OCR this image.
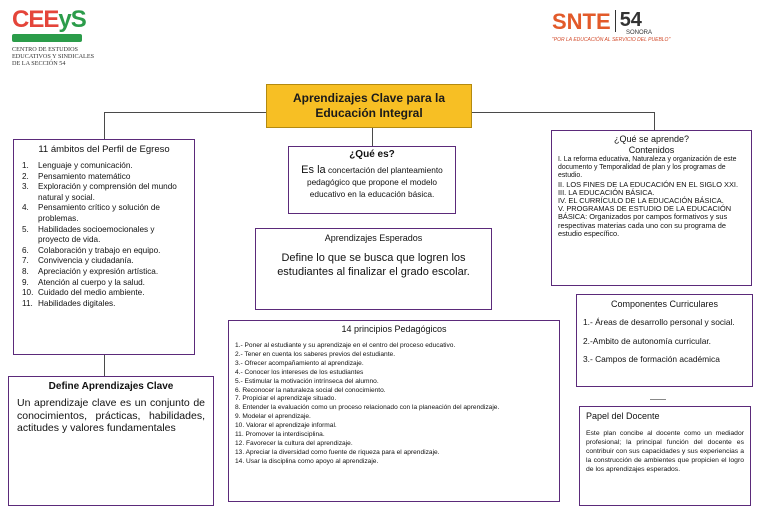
CEEyS
CENTRO DE ESTUDIOS
EDUCATIVOS Y SINDICALES
DE LA SECCIÓN 54
SNTE 54
SONORA
"POR LA EDUCACIÓN AL SERVICIO DEL PUEBLO"
Aprendizajes Clave para la Educación Integral
11 ámbitos del Perfil de Egreso
1.	Lenguaje y comunicación.
2.	Pensamiento matemático
3.	Exploración y comprensión del mundo natural y social.
4.	Pensamiento crítico y solución de problemas.
5.	Habilidades socioemocionales y proyecto de vida.
6.	Colaboración y trabajo en equipo.
7.	Convivencia y ciudadanía.
8.	Apreciación y expresión artística.
9.	Atención al cuerpo y la salud.
10. Cuidado del medio ambiente.
11. Habilidades digitales.
Define Aprendizajes Clave
Un aprendizaje clave es un conjunto de conocimientos, prácticas, habilidades, actitudes y valores fundamentales
¿Qué es?
Es la concertación del planteamiento pedagógico que propone el modelo educativo en la educación básica.
Aprendizajes Esperados
Define lo que se busca que logren los estudiantes al finalizar el grado escolar.
14 principios Pedagógicos
1.- Poner al estudiante y su aprendizaje en el centro del proceso educativo.
2.- Tener en cuenta los saberes previos del estudiante.
3.- Ofrecer acompañamiento al aprendizaje.
4.- Conocer los intereses de los estudiantes
5.- Estimular la motivación intrínseca del alumno.
6. Reconocer la naturaleza social del conocimiento.
7. Propiciar el aprendizaje situado.
8. Entender la evaluación como un proceso relacionado con la planeación del aprendizaje.
9. Modelar el aprendizaje.
10. Valorar el aprendizaje informal.
11. Promover la interdisciplina.
12. Favorecer la cultura del aprendizaje.
13. Apreciar la diversidad como fuente de riqueza para el aprendizaje.
14. Usar la disciplina como apoyo al aprendizaje.
¿Qué se aprende?
Contenidos
I. La reforma educativa, Naturaleza y organización de este documento y Temporalidad de plan y los programas de estudio.
II. LOS FINES DE LA EDUCACIÓN EN EL SIGLO XXI.
III. LA EDUCACIÓN BÁSICA.
IV. EL CURRÍCULO DE LA EDUCACIÓN BÁSICA.
V. PROGRAMAS DE ESTUDIO DE LA EDUCACIÓN BÁSICA: Organizados por campos formativos y sus respectivas materias cada uno con su programa de estudio específico.
Componentes Curriculares
1.- Áreas de desarrollo personal y social.
2.-Ambito de autonomía curricular.
3.- Campos de formación académica
Papel del Docente
Este plan concibe al docente como un mediador profesional; la principal función del docente es contribuir con sus capacidades y sus experiencias a la construcción de ambientes que propicien el logro de los aprendizajes esperados.
